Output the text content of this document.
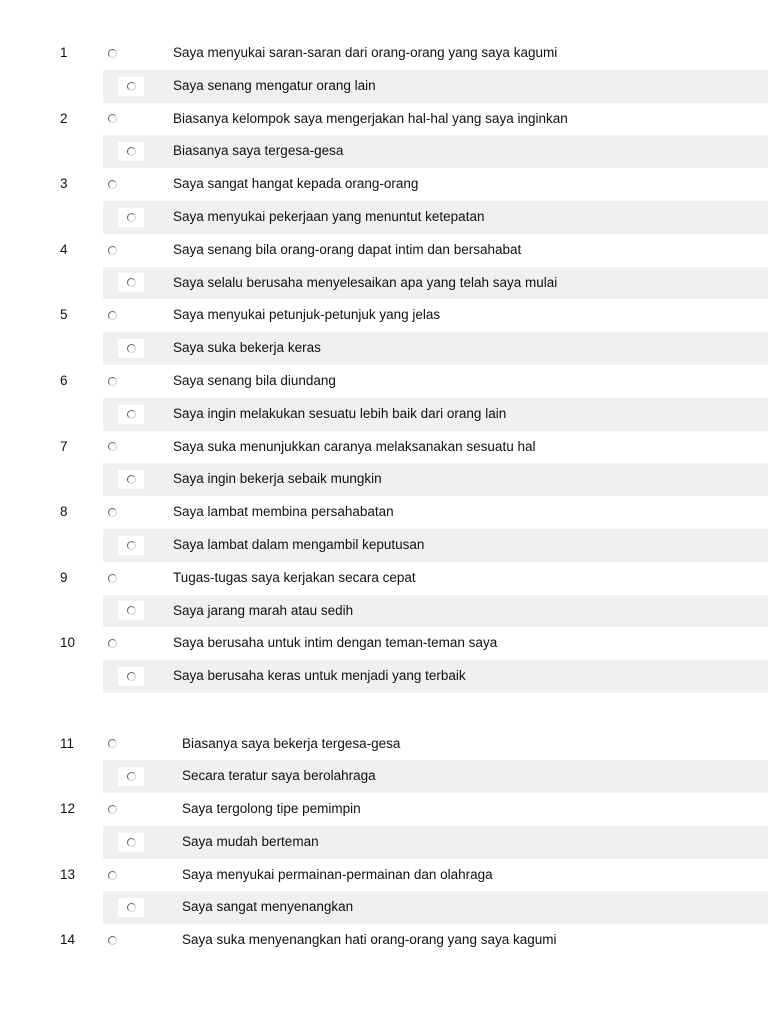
1	Saya menyukai saran-saran dari orang-orang yang saya kagumi
Saya senang mengatur orang lain
2	Biasanya kelompok saya mengerjakan hal-hal yang saya inginkan
Biasanya saya tergesa-gesa
3	Saya sangat hangat kepada orang-orang
Saya menyukai pekerjaan yang menuntut ketepatan
4	Saya senang bila orang-orang dapat intim dan bersahabat
Saya selalu berusaha menyelesaikan apa yang telah saya mulai
5	Saya menyukai petunjuk-petunjuk yang jelas
Saya suka bekerja keras
6	Saya senang bila diundang
Saya ingin melakukan sesuatu lebih baik dari orang lain
7	Saya suka menunjukkan caranya melaksanakan sesuatu hal
Saya ingin bekerja sebaik mungkin
8	Saya lambat membina persahabatan
Saya lambat dalam mengambil keputusan
9	Tugas-tugas saya kerjakan secara cepat
Saya jarang marah atau sedih
10	Saya berusaha untuk intim dengan teman-teman saya
Saya berusaha keras untuk menjadi yang terbaik
11	Biasanya saya bekerja tergesa-gesa
Secara teratur saya berolahraga
12	Saya tergolong tipe pemimpin
Saya mudah berteman
13	Saya menyukai permainan-permainan dan olahraga
Saya sangat menyenangkan
14	Saya suka menyenangkan hati orang-orang yang saya kagumi
